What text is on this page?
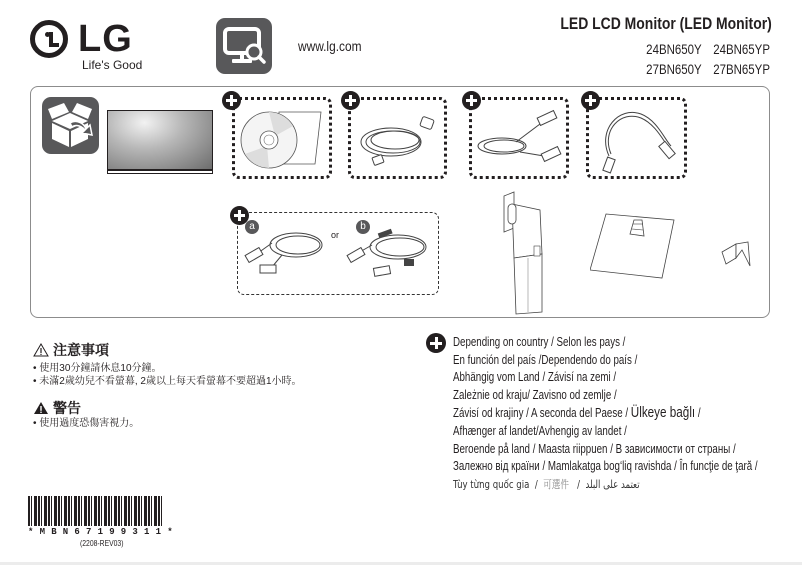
LG
Life's Good
www.lg.com
LED LCD Monitor (LED Monitor)
24BN650Y 24BN65YP
27BN650Y 27BN65YP
a
or
b
注意事項
• 使用30分鐘請休息10分鐘。
• 未滿2歲幼兒不看螢幕, 2歲以上每天看螢幕不要超過1小時。
警告
• 使用過度恐傷害視力。
Depending on country / Selon les pays /
En función del país /Dependendo do país /
Abhängig vom Land / Závisí na zemi /
Zależnie od kraju/ Zavisno od zemlje /
Závisí od krajiny / A seconda del Paese / Ülkeye bağlı /
Afhænger af landet/Avhengig av landet /
Beroende på land / Maasta riippuen / В зависимости от страны /
Залежно від країни / Mamlakatga bog‘liq ravishda / În funcţie de ţară /
Tùy từng quốc gia / 可選件 / تعتمد على البلد
*MBN67199311*
(2208-REV03)
